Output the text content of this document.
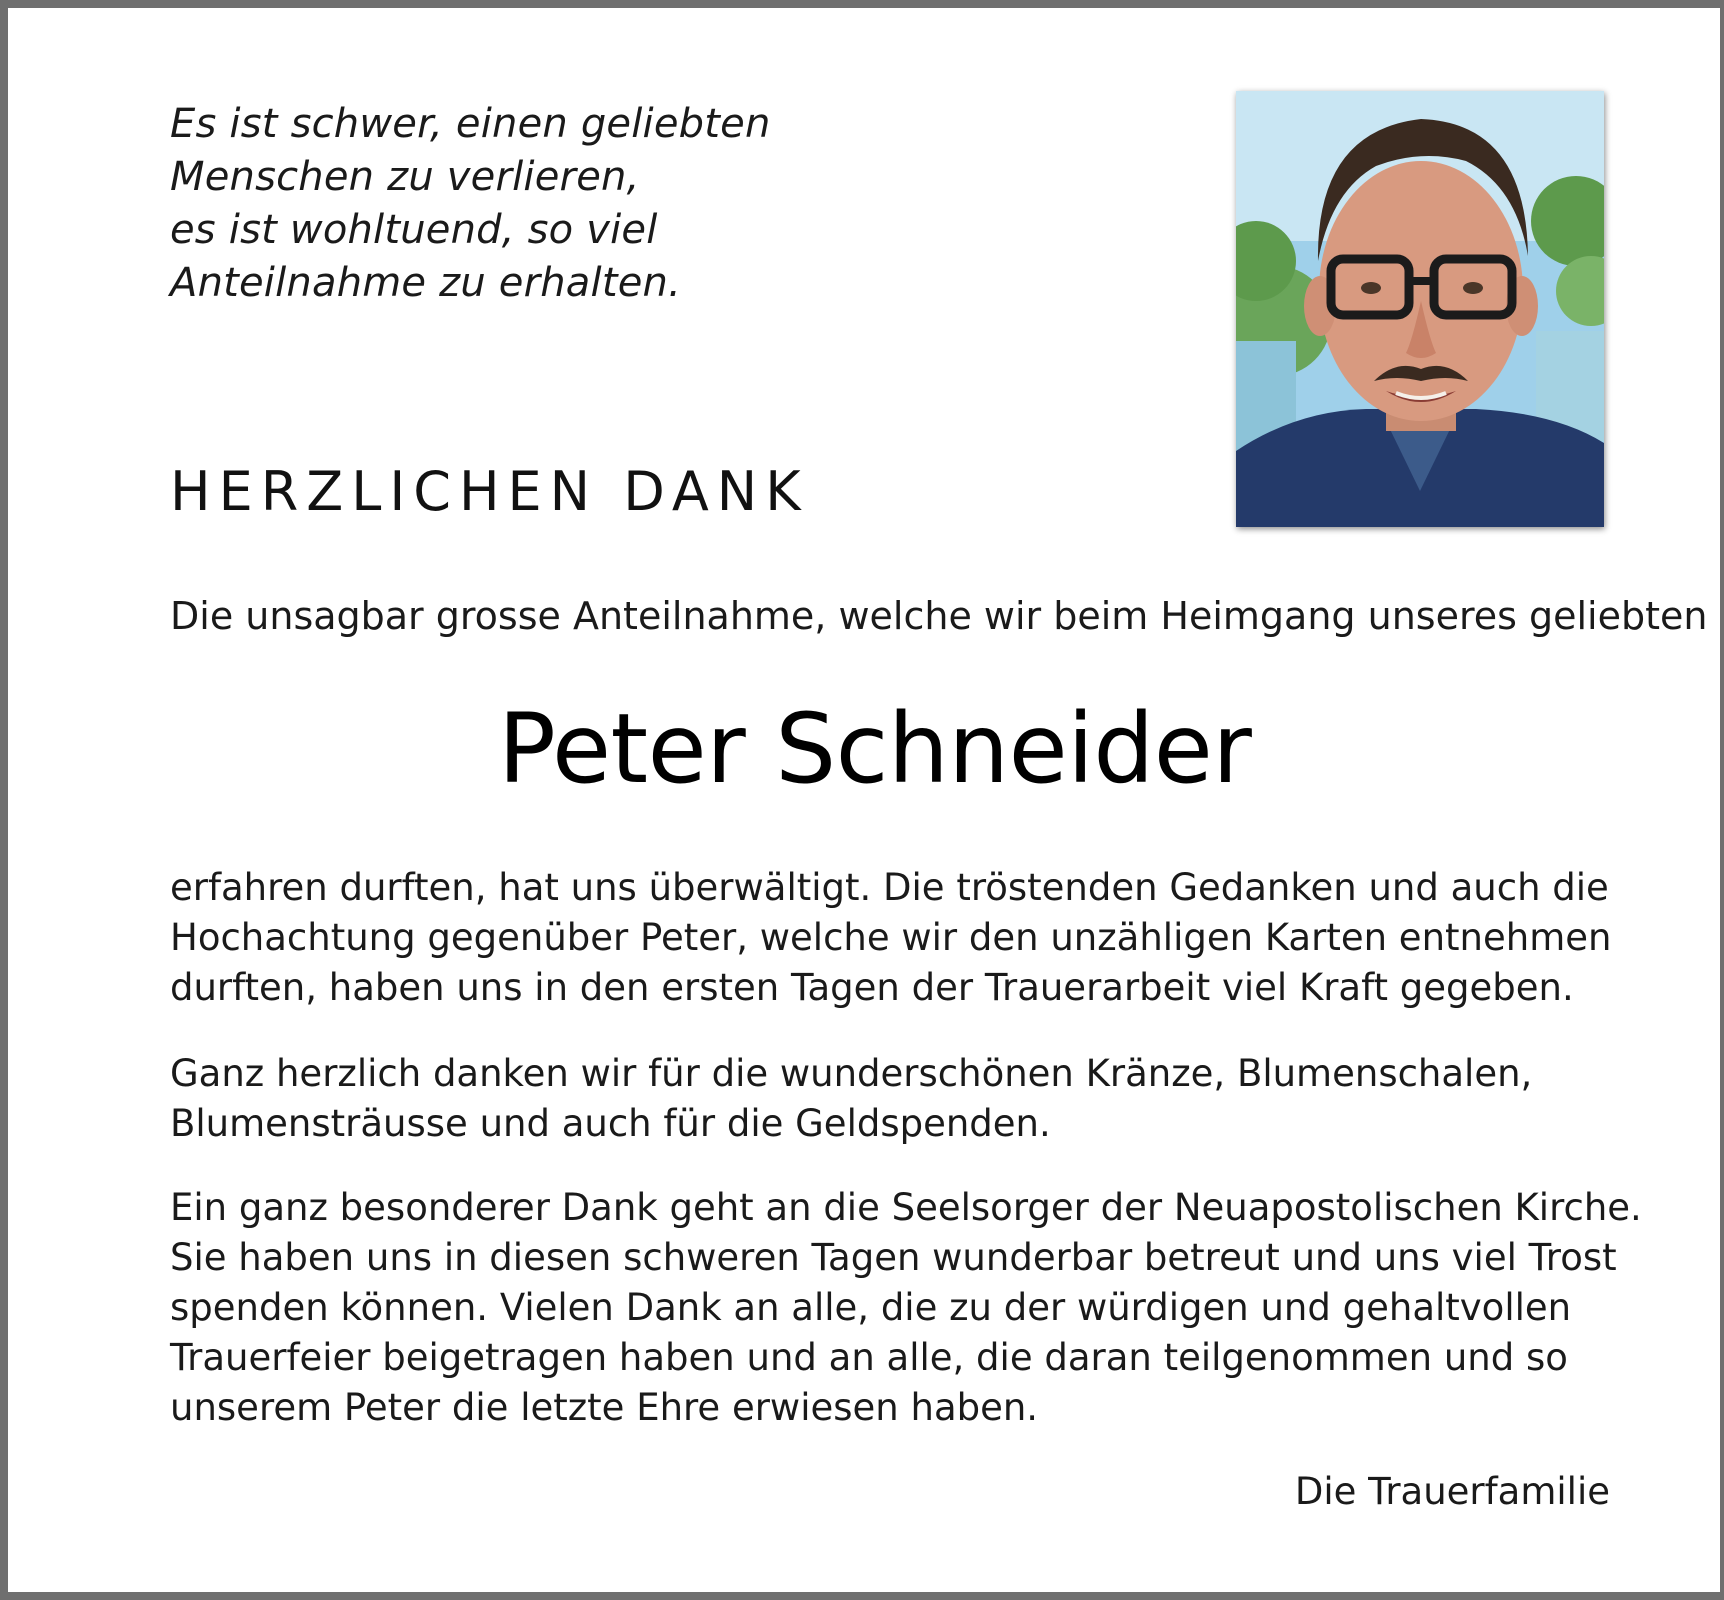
Es ist schwer, einen geliebten
Menschen zu verlieren,
es ist wohltuend, so viel
Anteilnahme zu erhalten.
HERZLICHEN DANK
Die unsagbar grosse Anteilnahme, welche wir beim Heimgang unseres geliebten
Peter Schneider
erfahren durften, hat uns überwältigt. Die tröstenden Gedanken und auch die
Hochachtung gegenüber Peter, welche wir den unzähligen Karten entnehmen
durften, haben uns in den ersten Tagen der Trauerarbeit viel Kraft gegeben.
Ganz herzlich danken wir für die wunderschönen Kränze, Blumenschalen,
Blumensträusse und auch für die Geldspenden.
Ein ganz besonderer Dank geht an die Seelsorger der Neuapostolischen Kirche.
Sie haben uns in diesen schweren Tagen wunderbar betreut und uns viel Trost
spenden können. Vielen Dank an alle, die zu der würdigen und gehaltvollen
Trauerfeier beigetragen haben und an alle, die daran teilgenommen und so
unserem Peter die letzte Ehre erwiesen haben.
Die Trauerfamilie
